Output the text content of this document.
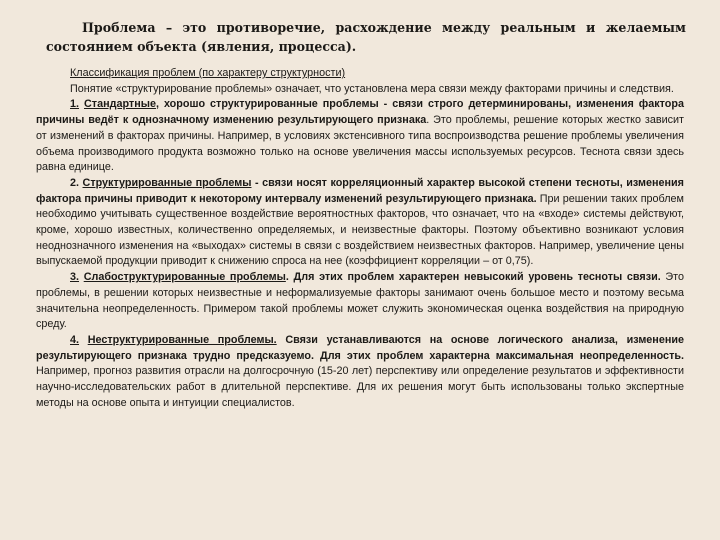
Проблема – это противоречие, расхождение между реальным и желаемым
состоянием объекта (явления, процесса).

Классификация проблем (по характеру структурности)

Понятие «структурирование проблемы» означает, что установлена мера связи между факторами причины и следствия.

1. Стандартные, хорошо структурированные проблемы - связи строго детерминированы, изменения фактора причины ведёт к однозначному изменению результирующего признака. Это проблемы, решение которых жестко зависит от изменений в факторах причины. Например, в условиях экстенсивного типа воспроизводства решение проблемы увеличения объема производимого продукта возможно только на основе увеличения массы используемых ресурсов. Теснота связи здесь равна единице.

2. Структурированные проблемы - связи носят корреляционный характер высокой степени тесноты, изменения фактора причины приводит к некоторому интервалу изменений результирующего признака. При решении таких проблем необходимо учитывать существенное воздействие вероятностных факторов, что означает, что на «входе» системы действуют, кроме, хорошо известных, количественно определяемых, и неизвестные факторы. Поэтому объективно возникают условия неоднозначного изменения на «выходах» системы в связи с воздействием неизвестных факторов. Например, увеличение цены выпускаемой продукции приводит к снижению спроса на нее (коэффициент корреляции – от 0,75).

3. Слабоструктурированные проблемы. Для этих проблем характерен невысокий уровень тесноты связи. Это проблемы, в решении которых неизвестные и неформализуемые факторы занимают очень большое место и поэтому весьма значительна неопределенность. Примером такой проблемы может служить экономическая оценка воздействия на природную среду.

4. Неструктурированные проблемы. Связи устанавливаются на основе логического анализа, изменение результирующего признака трудно предсказуемо. Для этих проблем характерна максимальная неопределенность. Например, прогноз развития отрасли на долгосрочную (15-20 лет) перспективу или определение результатов и эффективности научно-исследовательских работ в длительной перспективе. Для их решения могут быть использованы только экспертные методы на основе опыта и интуиции специалистов.
